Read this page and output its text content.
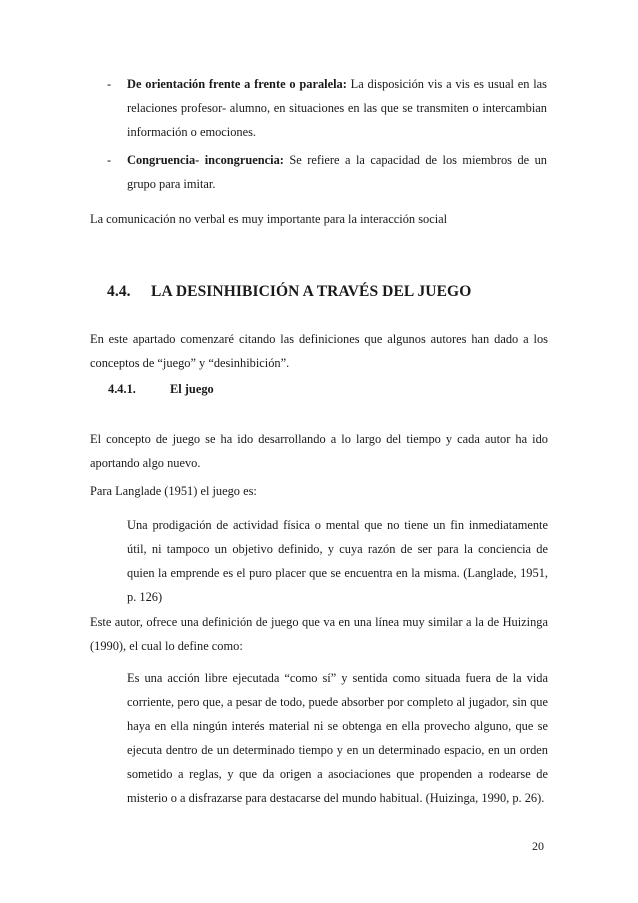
- De orientación frente a frente o paralela: La disposición vis a vis es usual en las relaciones profesor- alumno, en situaciones en las que se transmiten o intercambian información o emociones.
- Congruencia- incongruencia: Se refiere a la capacidad de los miembros de un grupo para imitar.
La comunicación no verbal es muy importante para la interacción social
4.4. LA DESINHIBICIÓN A TRAVÉS DEL JUEGO
En este apartado comenzaré citando las definiciones que algunos autores han dado a los conceptos de “juego” y “desinhibición”.
4.4.1.	El juego
El concepto de juego se ha ido desarrollando a lo largo del tiempo y cada autor ha ido aportando algo nuevo.
Para Langlade (1951) el juego es:
Una prodigación de actividad física o mental que no tiene un fin inmediatamente útil, ni tampoco un objetivo definido, y cuya razón de ser para la conciencia de quien la emprende es el puro placer que se encuentra en la misma. (Langlade, 1951, p. 126)
Este autor, ofrece una definición de juego que va en una línea muy similar a la de Huizinga (1990), el cual lo define como:
Es una acción libre ejecutada “como sí” y sentida como situada fuera de la vida corriente, pero que, a pesar de todo, puede absorber por completo al jugador, sin que haya en ella ningún interés material ni se obtenga en ella provecho alguno, que se ejecuta dentro de un determinado tiempo y en un determinado espacio, en un orden sometido a reglas, y que da origen a asociaciones que propenden a rodearse de misterio o a disfrazarse para destacarse del mundo habitual. (Huizinga, 1990, p. 26).
20
